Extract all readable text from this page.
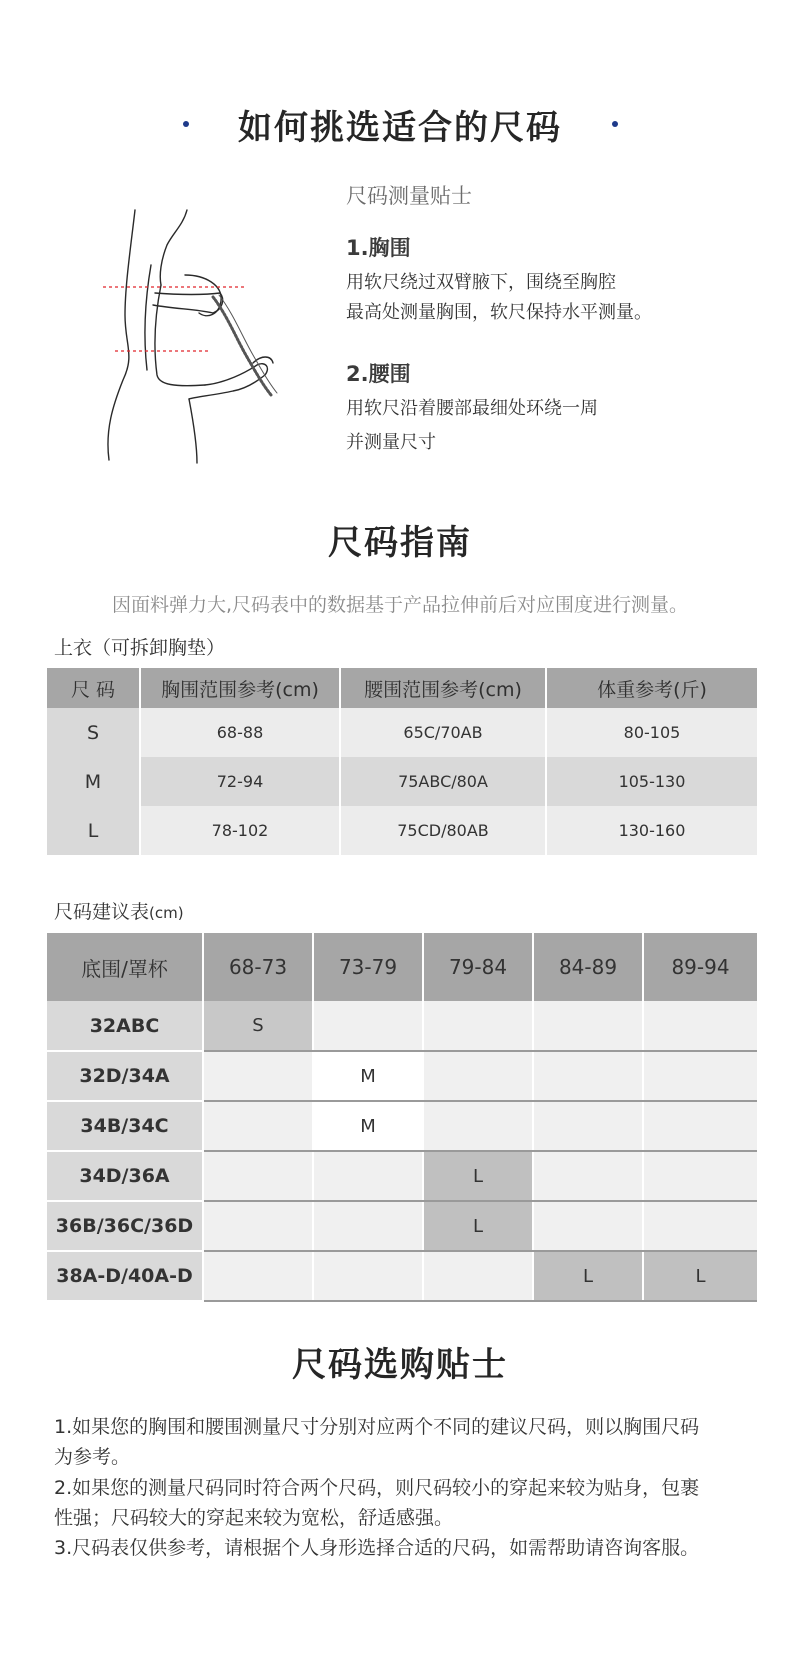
如何挑选适合的尺码
尺码测量贴士
1.胸围
用软尺绕过双臂腋下，围绕至胸腔
最高处测量胸围，软尺保持水平测量。
2.腰围
用软尺沿着腰部最细处环绕一周
并测量尺寸
尺码指南
因面料弹力大,尺码表中的数据基于产品拉伸前后对应围度进行测量。
上衣（可拆卸胸垫）
尺 码	胸围范围参考(cm)	腰围范围参考(cm)	体重参考(斤)
S	68-88	65C/70AB	80-105
M	72-94	75ABC/80A	105-130
L	78-102	75CD/80AB	130-160
尺码建议表(cm)
底围/罩杯	68-73	73-79	79-84	84-89	89-94
32ABC	S				
32D/34A		M			
34B/34C		M			
34D/36A			L		
36B/36C/36D			L		
38A-D/40A-D				L	L
尺码选购贴士
1.如果您的胸围和腰围测量尺寸分别对应两个不同的建议尺码，则以胸围尺码
为参考。
2.如果您的测量尺码同时符合两个尺码，则尺码较小的穿起来较为贴身，包裹
性强；尺码较大的穿起来较为宽松，舒适感强。
3.尺码表仅供参考，请根据个人身形选择合适的尺码，如需帮助请咨询客服。
